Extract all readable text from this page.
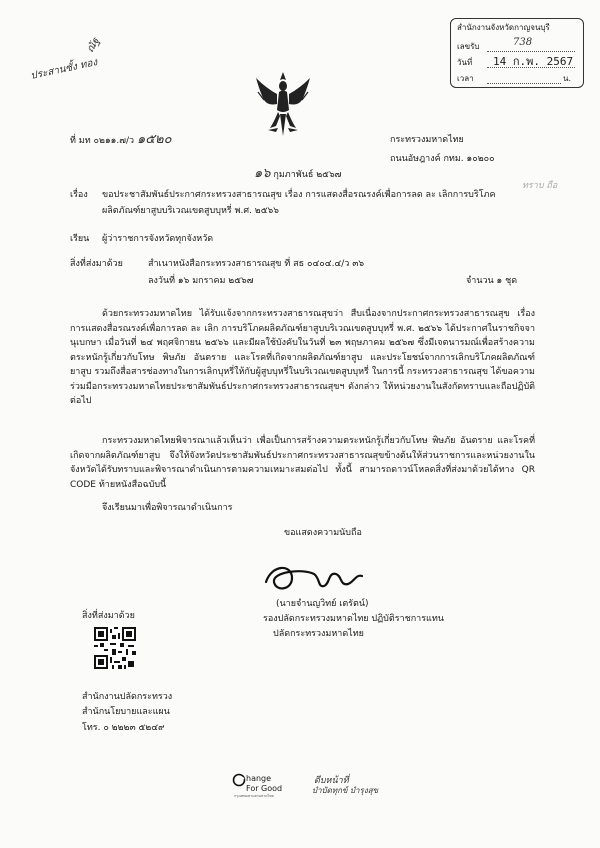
ประสานซั้ง ทอง
ณัฐ
สำนักงานจังหวัดกาญจนบุรี
เลขรับ	738
วันที่ 14 ก.พ. 2567
เวลา	น.
ทราบ ถือ
ที่ มท ๐๒๑๑.๗/ว ๑๕๒๐	กระทรวงมหาดไทย
ถนนอัษฎางค์ กทม. ๑๐๒๐๐
๑๖ กุมภาพันธ์ ๒๕๖๗
เรื่อง ขอประชาสัมพันธ์ประกาศกระทรวงสาธารณสุข เรื่อง การแสดงสื่อรณรงค์เพื่อการลด ละ เลิกการบริโภค
ผลิตภัณฑ์ยาสูบบริเวณเขตสูบบุหรี่ พ.ศ. ๒๕๖๖
เรียน ผู้ว่าราชการจังหวัดทุกจังหวัด
สิ่งที่ส่งมาด้วย	สำเนาหนังสือกระทรวงสาธารณสุข ที่ สธ ๐๔๐๔.๔/ว ๓๖
ลงวันที่ ๑๖ มกราคม ๒๕๖๗	จำนวน ๑ ชุด
ด้วยกระทรวงมหาดไทย ได้รับแจ้งจากกระทรวงสาธารณสุขว่า สืบเนื่องจากประกาศกระทรวงสาธารณสุข เรื่อง การแสดงสื่อรณรงค์เพื่อการลด ละ เลิก การบริโภคผลิตภัณฑ์ยาสูบบริเวณเขตสูบบุหรี่ พ.ศ. ๒๕๖๖ ได้ประกาศในราชกิจจานุเบกษา เมื่อวันที่ ๒๔ พฤศจิกายน ๒๕๖๖ และมีผลใช้บังคับในวันที่ ๒๓ พฤษภาคม ๒๕๖๗ ซึ่งมีเจตนารมณ์เพื่อสร้างความตระหนักรู้เกี่ยวกับโทษ พิษภัย อันตราย และโรคที่เกิดจากผลิตภัณฑ์ยาสูบ และประโยชน์จากการเลิกบริโภคผลิตภัณฑ์ยาสูบ รวมถึงสื่อสารช่องทางในการเลิกบุหรี่ให้กับผู้สูบบุหรี่ในบริเวณเขตสูบบุหรี่ ในการนี้ กระทรวงสาธารณสุข ได้ขอความร่วมมือกระทรวงมหาดไทยประชาสัมพันธ์ประกาศกระทรวงสาธารณสุขฯ ดังกล่าว ให้หน่วยงานในสังกัดทราบและถือปฏิบัติต่อไป
กระทรวงมหาดไทยพิจารณาแล้วเห็นว่า เพื่อเป็นการสร้างความตระหนักรู้เกี่ยวกับโทษ พิษภัย อันตราย และโรคที่เกิดจากผลิตภัณฑ์ยาสูบ จึงให้จังหวัดประชาสัมพันธ์ประกาศกระทรวงสาธารณสุขข้างต้นให้ส่วนราชการและหน่วยงานในจังหวัดได้รับทราบและพิจารณาดำเนินการตามความเหมาะสมต่อไป ทั้งนี้ สามารถดาวน์โหลดสิ่งที่ส่งมาด้วยได้ทาง QR CODE ท้ายหนังสือฉบับนี้
จึงเรียนมาเพื่อพิจารณาดำเนินการ
ขอแสดงความนับถือ
(นายจำนญวิทย์ เตรัตน์)
รองปลัดกระทรวงมหาดไทย ปฏิบัติราชการแทน
ปลัดกระทรวงมหาดไทย
สิ่งที่ส่งมาด้วย
สำนักงานปลัดกระทรวง
สำนักนโยบายและแผน
โทร. ๐ ๒๒๒๓ ๕๒๔๙
hange
For Good
กรุงเทพมหานครมหาดไทย
ดีบหน้าที่
บำบัดทุกข์ บำรุงสุข
